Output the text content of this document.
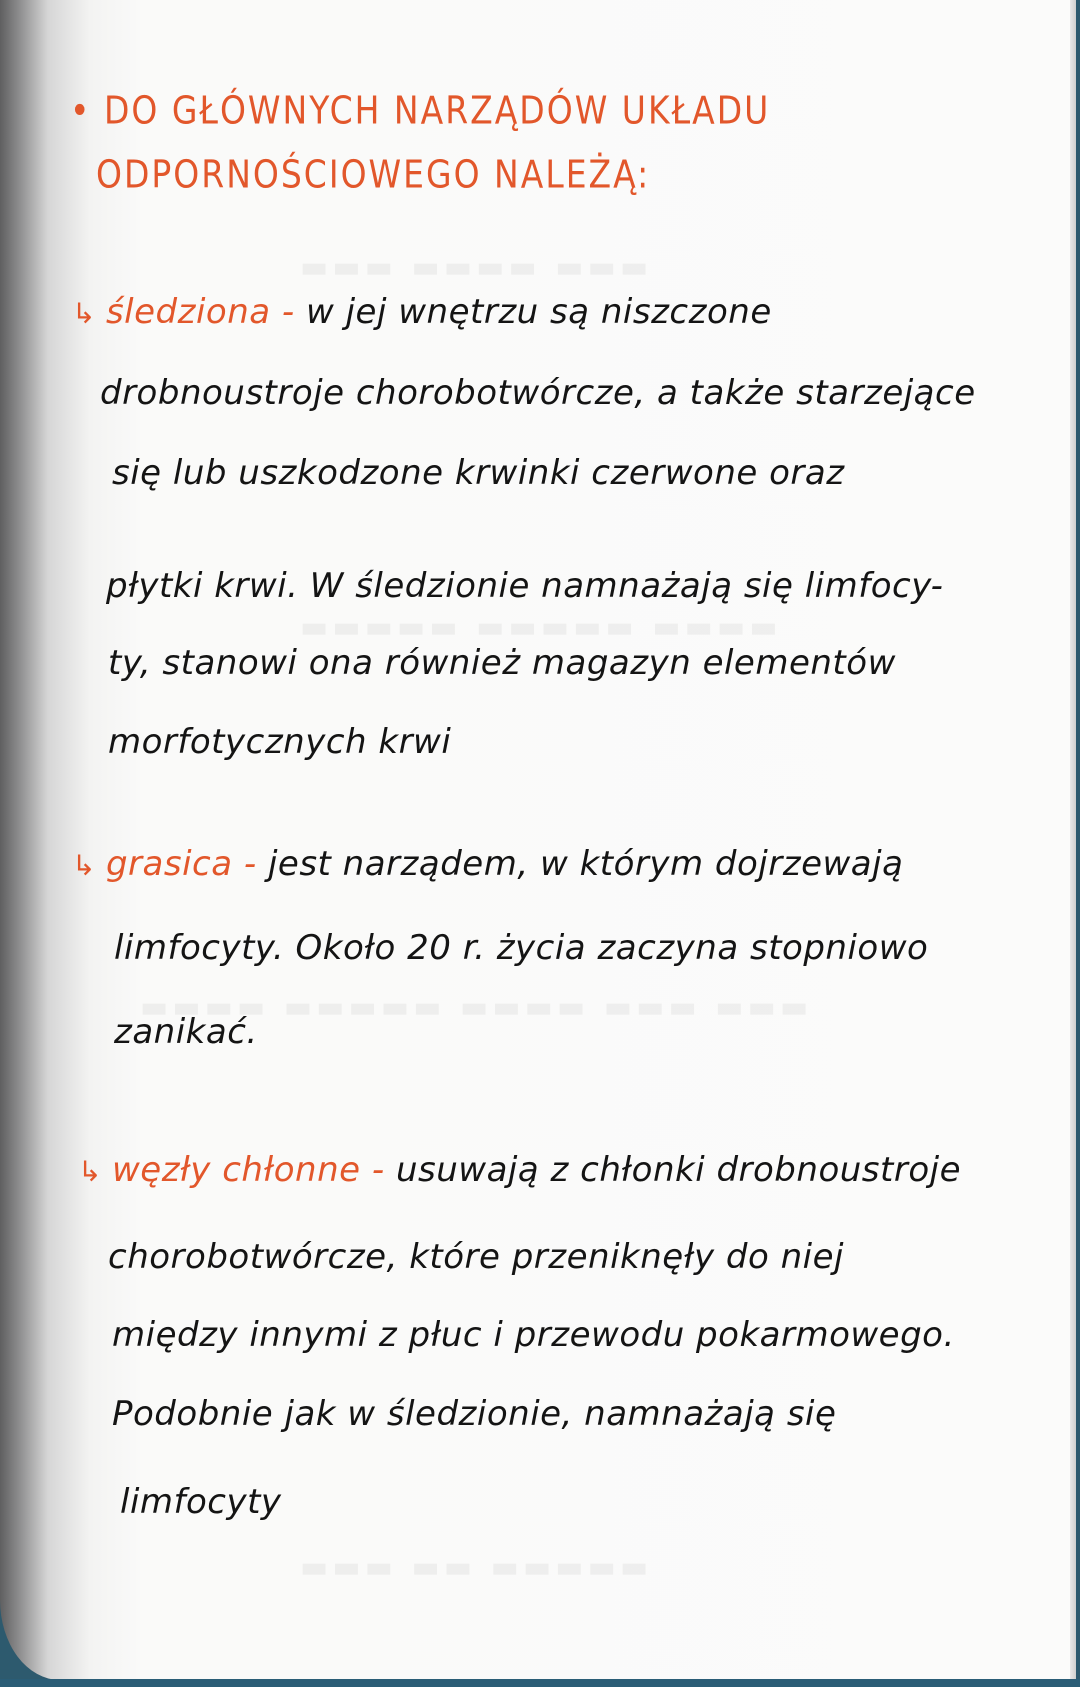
▬▬▬ ▬▬▬▬ ▬▬▬
▬▬▬▬▬ ▬▬▬▬▬ ▬▬▬▬
▬▬▬▬ ▬▬▬▬▬ ▬▬▬▬ ▬▬▬ ▬▬▬
▬▬▬ ▬▬ ▬▬▬▬▬
• DO GŁÓWNYCH NARZĄDÓW UKŁADU
ODPORNOŚCIOWEGO NALEŻĄ:
↳ śledziona - w jej wnętrzu są niszczone
drobnoustroje chorobotwórcze, a także starzejące
się lub uszkodzone krwinki czerwone oraz
płytki krwi. W śledzionie namnażają się limfocy-
ty, stanowi ona również magazyn elementów
morfotycznych krwi
↳ grasica - jest narządem, w którym dojrzewają
limfocyty. Około 20 r. życia zaczyna stopniowo
zanikać.
↳ węzły chłonne - usuwają z chłonki drobnoustroje
chorobotwórcze, które przeniknęły do niej
między innymi z płuc i przewodu pokarmowego.
Podobnie jak w śledzionie, namnażają się
limfocyty
